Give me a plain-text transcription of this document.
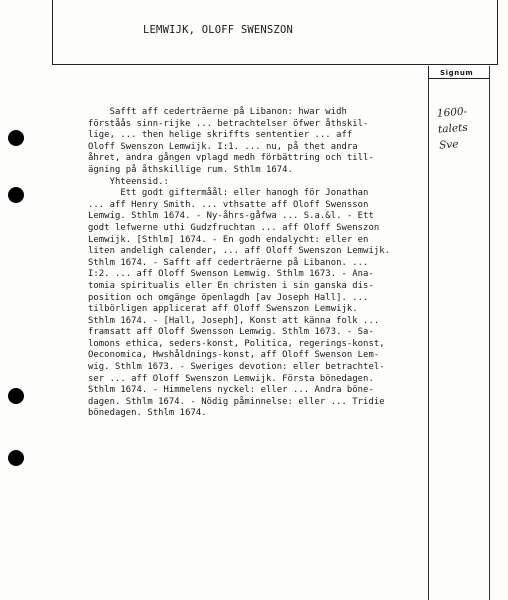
LEMWIJK, OLOFF SWENSZON
Signum
1600-
talets
Sve
Safft aff cederträerne på Libanon: hwar widh
förståås sinn-rijke ... betrachtelser öfwer åthskil-
lige, ... then helige skriffts sententier ... aff
Oloff Swenszon Lemwijk. I:1. ... nu, på thet andra
åhret, andra gången vplagd medh förbättring och till-
ägning på åthskillige rum. Sthlm 1674.
Yhteensid.:
Ett godt giftermåål: eller hanogh för Jonathan
... aff Henry Smith. ... vthsatte aff Oloff Swensson
Lemwig. Sthlm 1674. - Ny-åhrs-gåfwa ... S.a.&l. - Ett
godt lefwerne uthi Gudzfruchtan ... aff Oloff Swenszon
Lemwijk. [Sthlm] 1674. - En godh endalycht: eller en
liten andeligh calender, ... aff Oloff Swenszon Lemwijk.
Sthlm 1674. - Safft aff cederträerne på Libanon. ...
I:2. ... aff Oloff Swenson Lemwig. Sthlm 1673. - Ana-
tomia spiritualis eller En christen i sin ganska dis-
position och omgänge öpenlagdh [av Joseph Hall]. ...
tilbörligen applicerat aff Oloff Swenszon Lemwijk.
Sthlm 1674. - [Hall, Joseph], Konst att känna folk ...
framsatt aff Oloff Swensson Lemwig. Sthlm 1673. - Sa-
lomons ethica, seders-konst, Politica, regerings-konst,
Oeconomica, Hwshåldnings-konst, aff Oloff Swenson Lem-
wig. Sthlm 1673. - Sweriges devotion: eller betrachtel-
ser ... aff Oloff Swenszon Lemwijk. Första bönedagen.
Sthlm 1674. - Himmelens nyckel: eller ... Andra böne-
dagen. Sthlm 1674. - Nödig påminnelse: eller ... Tridie
bönedagen. Sthlm 1674.
